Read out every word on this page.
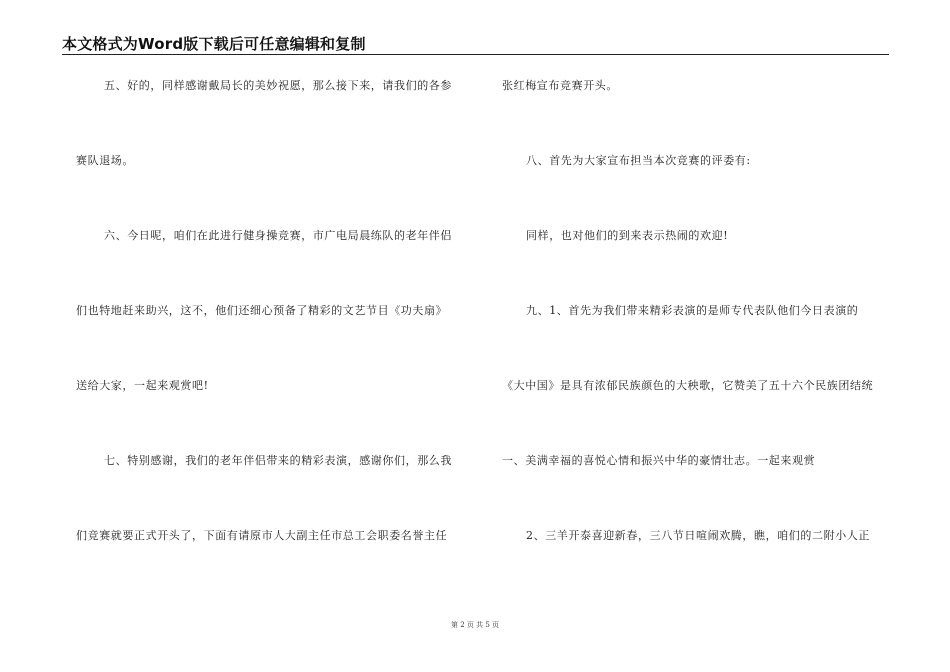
本文格式为Word版下载后可任意编辑和复制
五、好的，同样感谢戴局长的美妙祝愿，那么接下来，请我们的各参
赛队退场。
六、今日呢，咱们在此进行健身操竞赛，市广电局晨练队的老年伴侣
们也特地赶来助兴，这不，他们还细心预备了精彩的文艺节目《功夫扇》
送给大家，一起来观赏吧!
七、特别感谢，我们的老年伴侣带来的精彩表演，感谢你们，那么我
们竞赛就要正式开头了，下面有请原市人大副主任市总工会职委名誉主任
张红梅宣布竞赛开头。
八、首先为大家宣布担当本次竞赛的评委有:
同样，也对他们的到来表示热闹的欢迎!
九、1、首先为我们带来精彩表演的是师专代表队他们今日表演的
《大中国》是具有浓郁民族颜色的大秧歌，它赞美了五十六个民族团结统
一、美满幸福的喜悦心情和振兴中华的豪情壮志。一起来观赏
2、三羊开泰喜迎新春，三八节日喧闹欢腾，瞧，咱们的二附小人正
第 2 页 共 5 页
